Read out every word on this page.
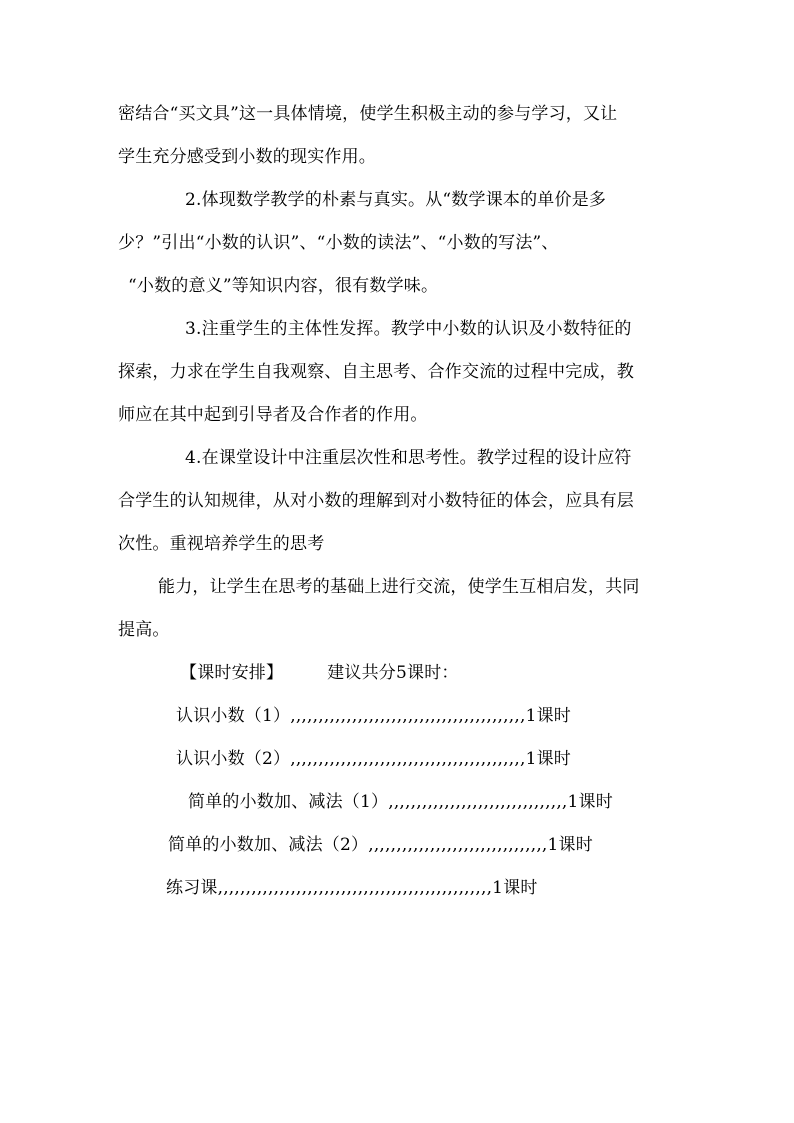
密结合“买文具”这一具体情境，使学生积极主动的参与学习，又让
学生充分感受到小数的现实作用。
2.体现数学教学的朴素与真实。从“数学课本的单价是多
少？”引出“小数的认识”、“小数的读法”、“小数的写法”、
“小数的意义”等知识内容，很有数学味。
3.注重学生的主体性发挥。教学中小数的认识及小数特征的
探索，力求在学生自我观察、自主思考、合作交流的过程中完成，教
师应在其中起到引导者及合作者的作用。
4.在课堂设计中注重层次性和思考性。教学过程的设计应符
合学生的认知规律，从对小数的理解到对小数特征的体会，应具有层
次性。重视培养学生的思考
能力，让学生在思考的基础上进行交流，使学生互相启发，共同
提高。
【课时安排】	建议共分5课时：
认识小数（1）,,,,,,,,,,,,,,,,,,,,,,,,,,,,,,,,,,,,,,,,,,1课时
认识小数（2）,,,,,,,,,,,,,,,,,,,,,,,,,,,,,,,,,,,,,,,,,,1课时
简单的小数加、减法（1）,,,,,,,,,,,,,,,,,,,,,,,,,,,,,,,,1课时
简单的小数加、减法（2）,,,,,,,,,,,,,,,,,,,,,,,,,,,,,,,,1课时
练习课,,,,,,,,,,,,,,,,,,,,,,,,,,,,,,,,,,,,,,,,,,,,,,,,,1课时
